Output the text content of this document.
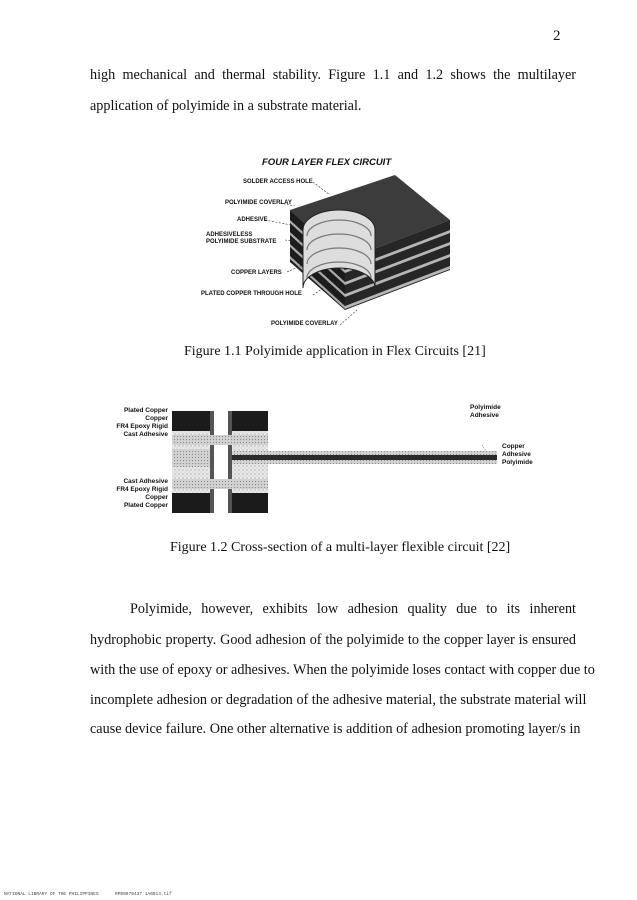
2
high mechanical and thermal stability. Figure 1.1 and 1.2 shows the multilayer
application of polyimide in a substrate material.
FOUR LAYER FLEX CIRCUIT
SOLDER ACCESS HOLE
POLYIMIDE COVERLAY
ADHESIVE
ADHESIVELESS
POLYIMIDE SUBSTRATE
COPPER LAYERS
PLATED COPPER THROUGH HOLE
POLYIMIDE COVERLAY
Figure 1.1 Polyimide application in Flex Circuits [21]
Plated Copper
Copper
FR4 Epoxy Rigid
Cast Adhesive
Cast Adhesive
FR4 Epoxy Rigid
Copper
Plated Copper
Polyimide
Adhesive
Copper
Adhesive
Polyimide
Figure 1.2 Cross-section of a multi-layer flexible circuit [22]
Polyimide, however, exhibits low adhesion quality due to its inherent
hydrophobic property. Good adhesion of the polyimide to the copper layer is ensured
with the use of epoxy or adhesives. When the polyimide loses contact with copper due to
incomplete adhesion or degradation of the adhesive material, the substrate material will
cause device failure. One other alternative is addition of adhesion promoting layer/s in
NATIONAL LIBRARY OF THE PHILIPPINES	RP00070437 1A0014.tif
